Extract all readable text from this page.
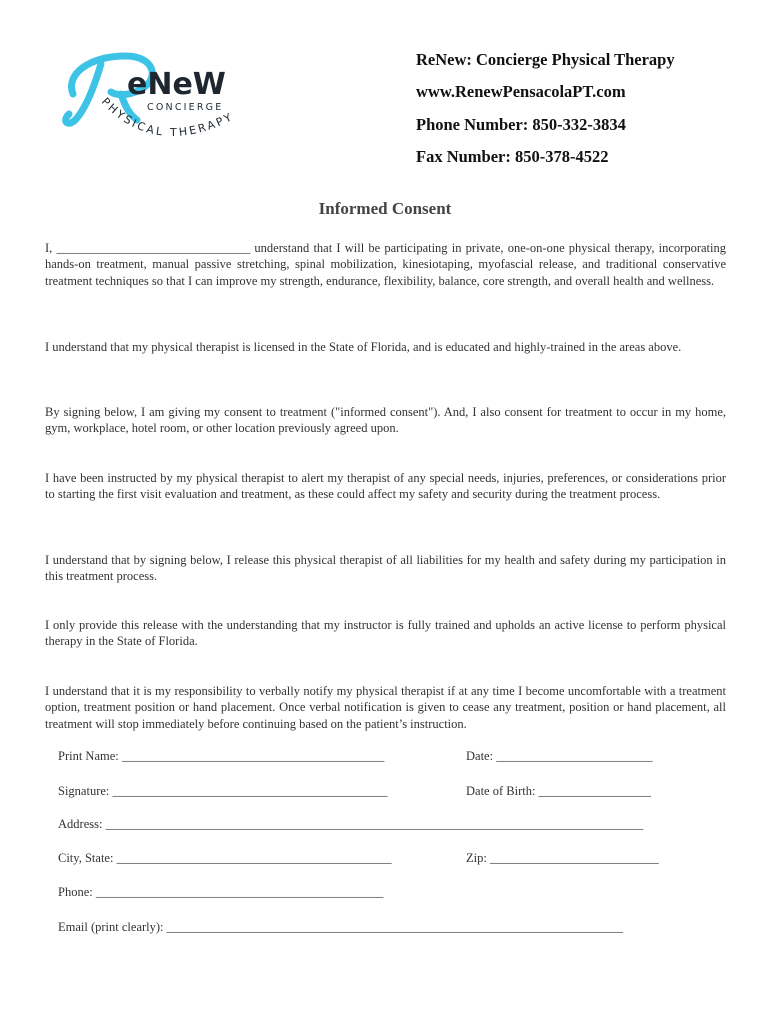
eNeW
CONCIERGE
PHYSICAL THERAPY
ReNew: Concierge Physical Therapy
www.RenewPensacolaPT.com
Phone Number: 850-332-3834
Fax Number: 850-378-4522
Informed Consent

I, _______________________________ understand that I will be participating in private, one-on-one physical therapy, incorporating hands-on treatment, manual passive stretching, spinal mobilization, kinesiotaping, myofascial release, and traditional conservative treatment techniques so that I can improve my strength, endurance, flexibility, balance, core strength, and overall health and wellness.

I understand that my physical therapist is licensed in the State of Florida, and is educated and highly-trained in the areas above.

By signing below, I am giving my consent to treatment ("informed consent"). And, I also consent for treatment to occur in my home, gym, workplace, hotel room, or other location previously agreed upon.

I have been instructed by my physical therapist to alert my therapist of any special needs, injuries, preferences, or considerations prior to starting the first visit evaluation and treatment, as these could affect my safety and security during the treatment process.

I understand that by signing below, I release this physical therapist of all liabilities for my health and safety during my participation in this treatment process.

I only provide this release with the understanding that my instructor is fully trained and upholds an active license to perform physical therapy in the State of Florida.

I understand that it is my responsibility to verbally notify my physical therapist if at any time I become uncomfortable with a treatment option, treatment position or hand placement. Once verbal notification is given to cease any treatment, position or hand placement, all treatment will stop immediately before continuing based on the patient’s instruction.

Print Name: __________________________________________	Date: _________________________
Signature: ____________________________________________	Date of Birth: __________________
Address: ______________________________________________________________________________________
City, State: ____________________________________________	Zip: ___________________________
Phone: ______________________________________________
Email (print clearly): _________________________________________________________________________
